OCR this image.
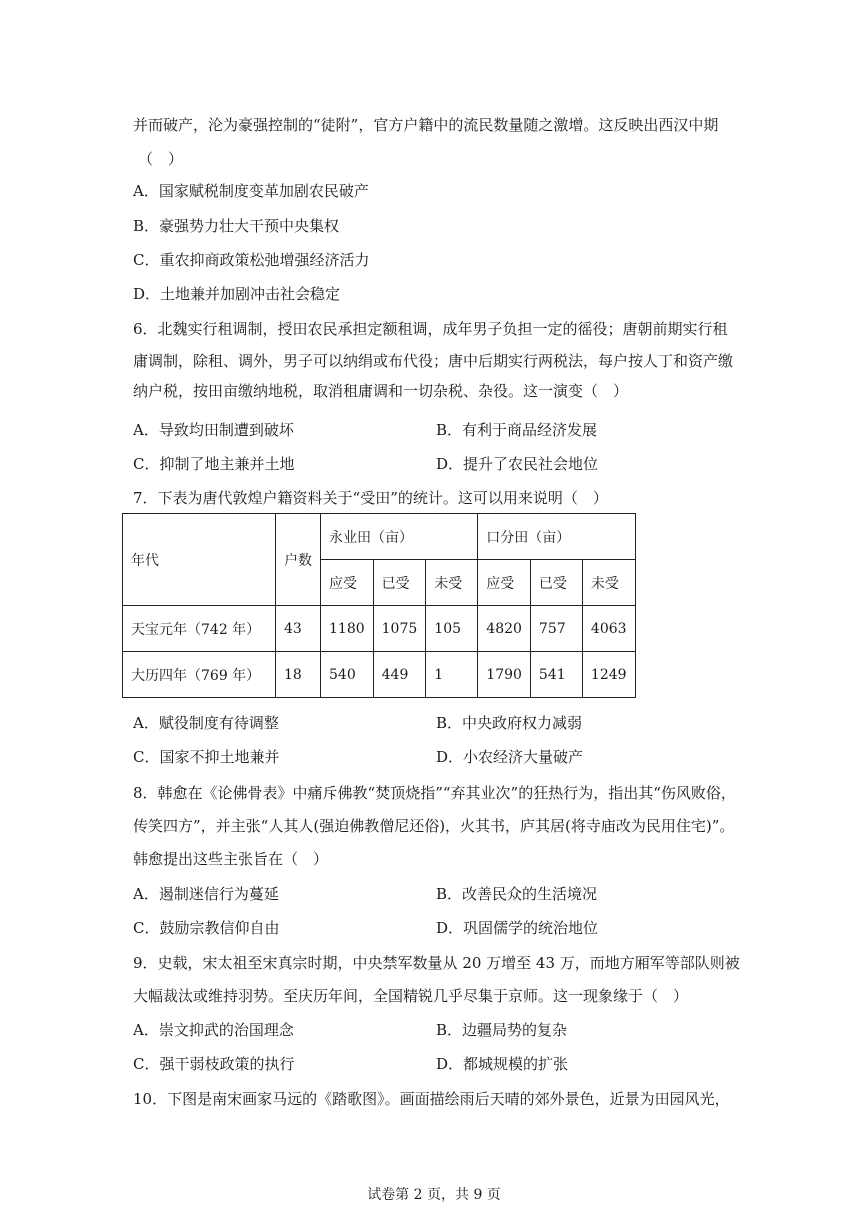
并而破产，沦为豪强控制的“徒附”，官方户籍中的流民数量随之激增。这反映出西汉中期
（　）
A．国家赋税制度变革加剧农民破产
B．豪强势力壮大干预中央集权
C．重农抑商政策松弛增强经济活力
D．土地兼并加剧冲击社会稳定
6．北魏实行租调制，授田农民承担定额租调，成年男子负担一定的徭役；唐朝前期实行租
庸调制，除租、调外，男子可以纳绢或布代役；唐中后期实行两税法，每户按人丁和资产缴
纳户税，按田亩缴纳地税，取消租庸调和一切杂税、杂役。这一演变（　）
A．导致均田制遭到破坏	B．有利于商品经济发展
C．抑制了地主兼并土地	D．提升了农民社会地位
7．下表为唐代敦煌户籍资料关于“受田”的统计。这可以用来说明（　）
年代	户数	永业田（亩）			口分田（亩）		
		应受	已受	未受	应受	已受	未受
天宝元年（742 年）	43	1180	1075	105	4820	757	4063
大历四年（769 年）	18	540	449	1	1790	541	1249
A．赋役制度有待调整	B．中央政府权力减弱
C．国家不抑土地兼并	D．小农经济大量破产
8．韩愈在《论佛骨表》中痛斥佛教“焚顶烧指”“弃其业次”的狂热行为，指出其“伤风败俗，
传笑四方”，并主张“人其人(强迫佛教僧尼还俗)，火其书，庐其居(将寺庙改为民用住宅)”。
韩愈提出这些主张旨在（　）
A．遏制迷信行为蔓延	B．改善民众的生活境况
C．鼓励宗教信仰自由	D．巩固儒学的统治地位
9．史载，宋太祖至宋真宗时期，中央禁军数量从 20 万增至 43 万，而地方厢军等部队则被
大幅裁汰或维持羽势。至庆历年间，全国精锐几乎尽集于京师。这一现象缘于（　）
A．崇文抑武的治国理念	B．边疆局势的复杂
C．强干弱枝政策的执行	D．都城规模的扩张
10．下图是南宋画家马远的《踏歌图》。画面描绘雨后天晴的郊外景色，近景为田园风光，
试卷第 2 页，共 9 页
